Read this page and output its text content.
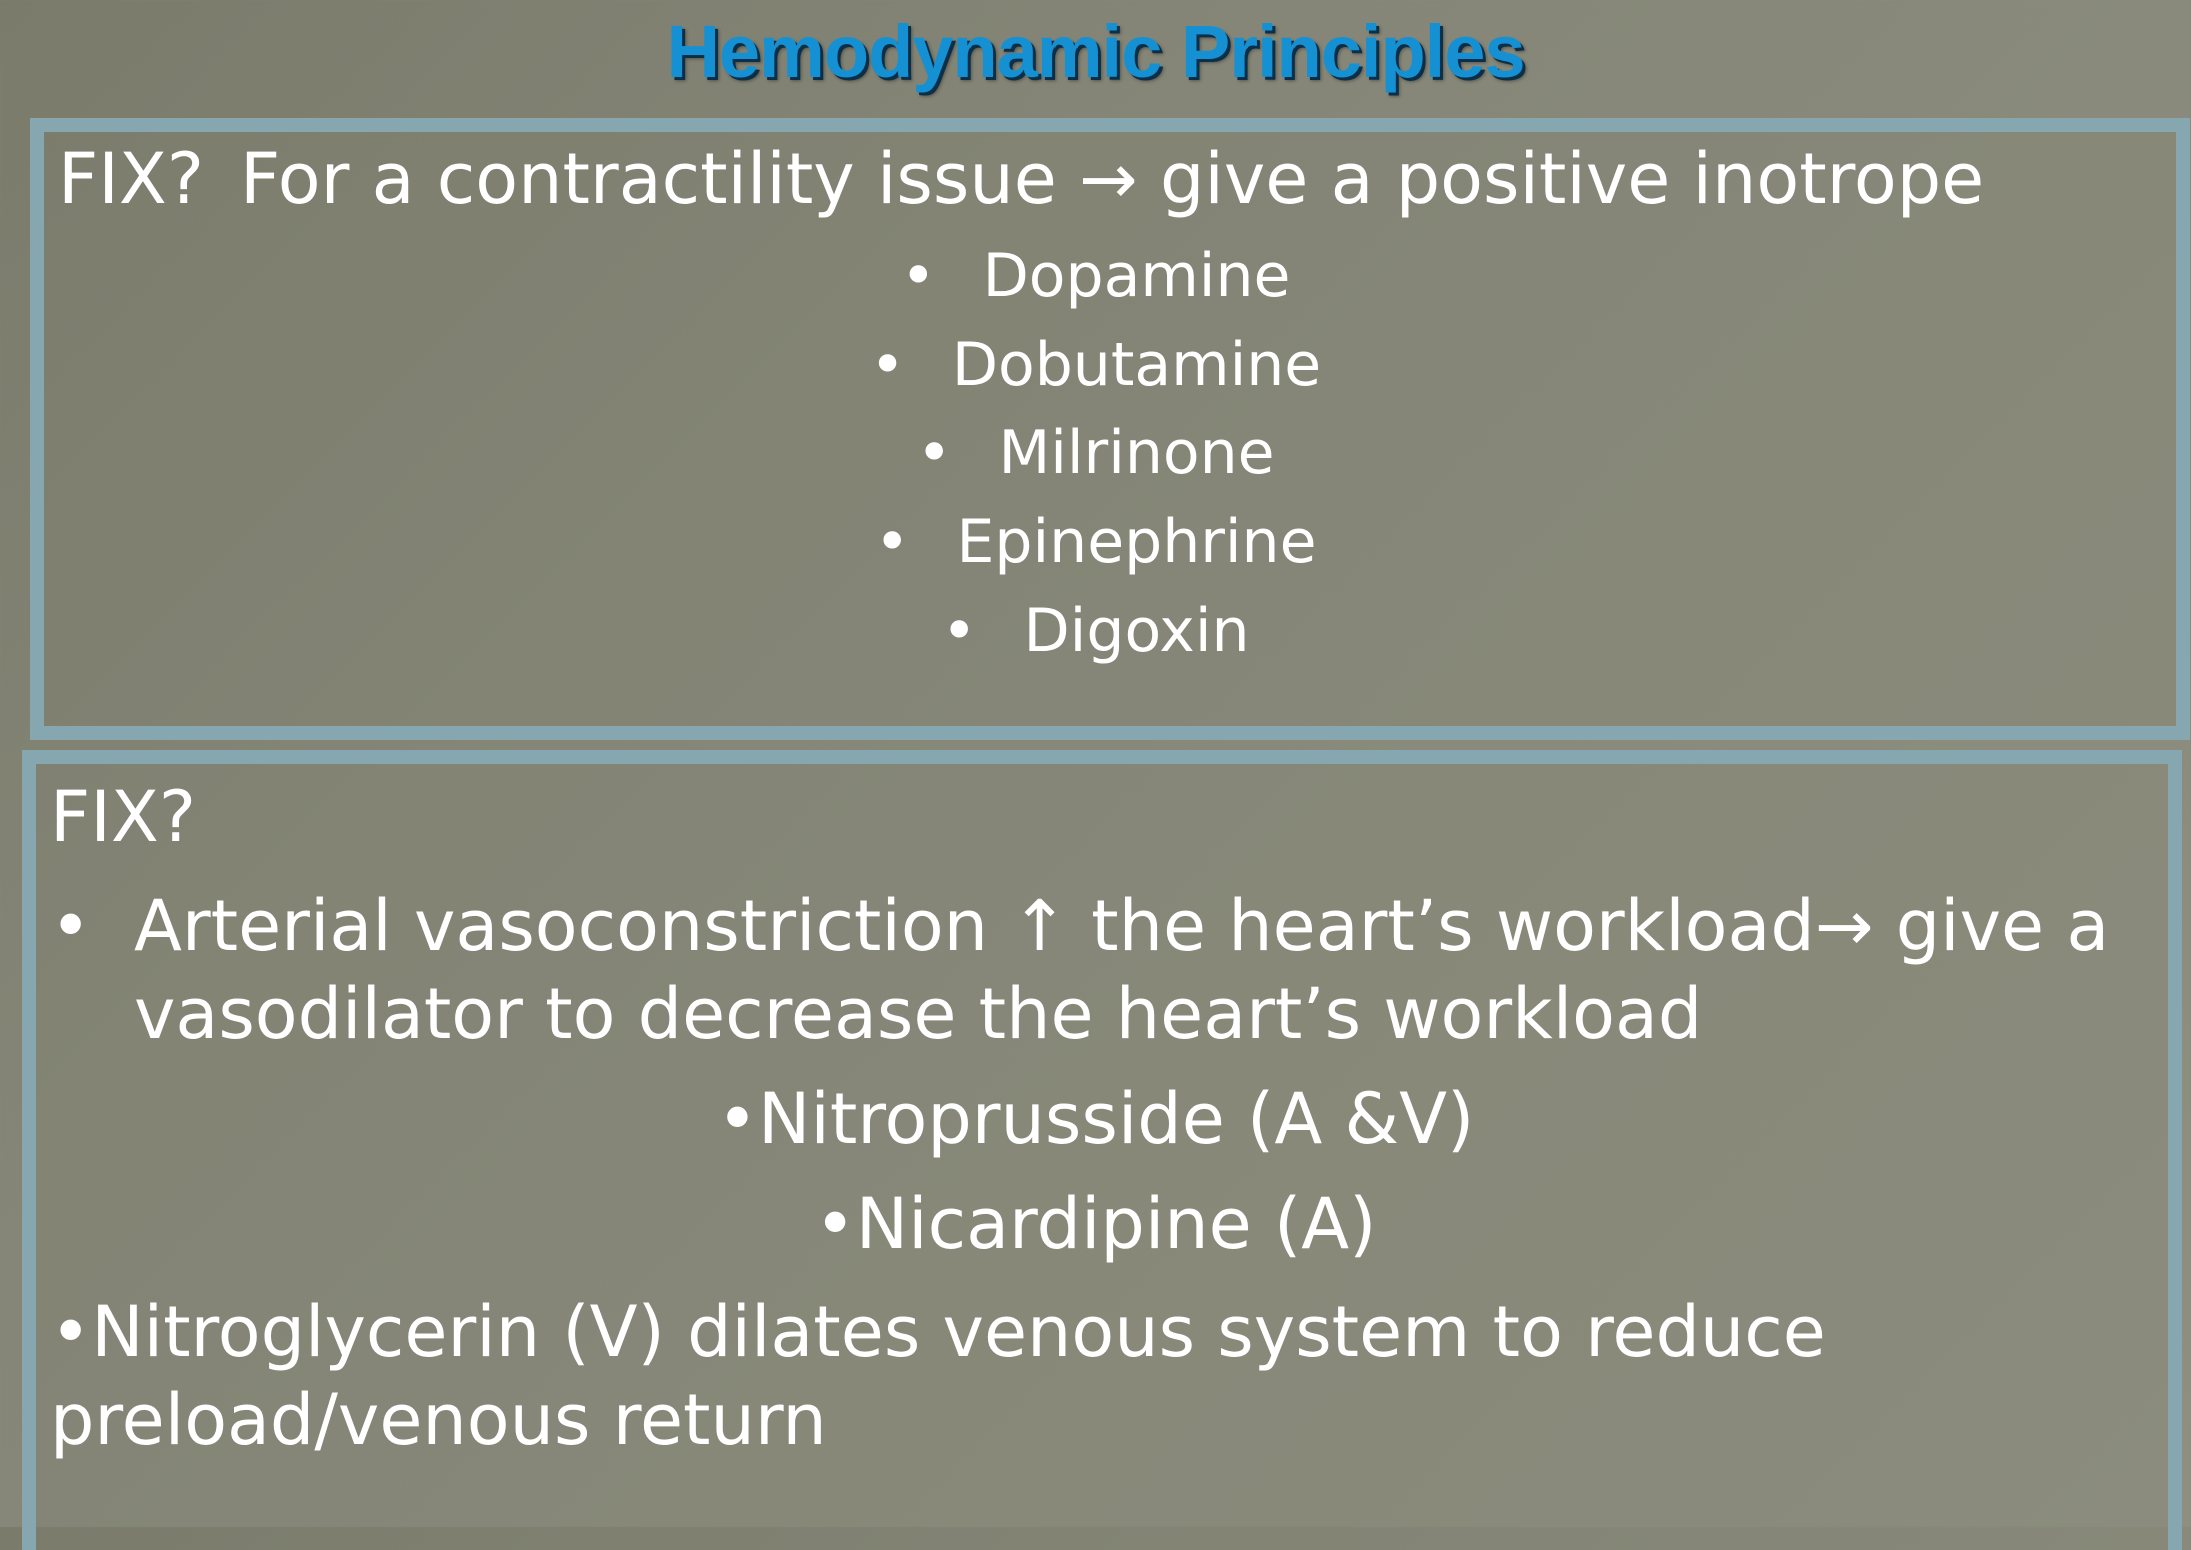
Hemodynamic Principles

FIX? For a contractility issue → give a positive inotrope

• Dopamine
• Dobutamine
• Milrinone
• Epinephrine
• Digoxin

FIX?

• Arterial vasoconstriction ↑ the heart’s workload→ give a
vasodilator to decrease the heart’s workload

•Nitroprusside (A &V)

•Nicardipine (A)

•Nitroglycerin (V) dilates venous system to reduce
preload/venous return
